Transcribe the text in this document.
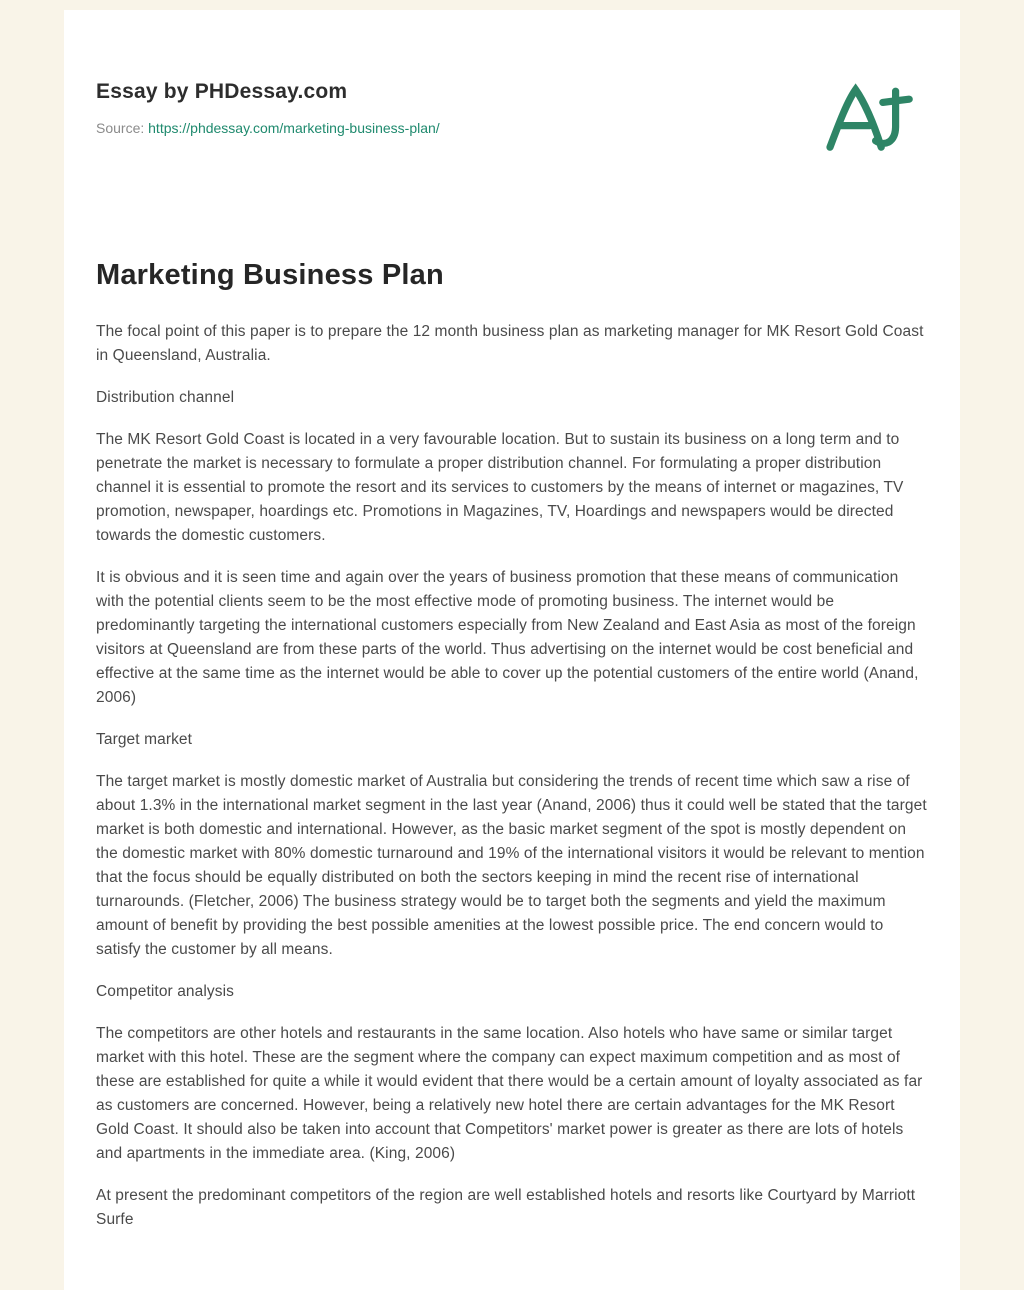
Essay by PHDessay.com
Source: https://phdessay.com/marketing-business-plan/
Marketing Business Plan

The focal point of this paper is to prepare the 12 month business plan as marketing manager for MK Resort Gold Coast in Queensland, Australia.

Distribution channel

The MK Resort Gold Coast is located in a very favourable location. But to sustain its business on a long term and to penetrate the market is necessary to formulate a proper distribution channel. For formulating a proper distribution channel it is essential to promote the resort and its services to customers by the means of internet or magazines, TV promotion, newspaper, hoardings etc. Promotions in Magazines, TV, Hoardings and newspapers would be directed towards the domestic customers.

It is obvious and it is seen time and again over the years of business promotion that these means of communication with the potential clients seem to be the most effective mode of promoting business. The internet would be predominantly targeting the international customers especially from New Zealand and East Asia as most of the foreign visitors at Queensland are from these parts of the world. Thus advertising on the internet would be cost beneficial and effective at the same time as the internet would be able to cover up the potential customers of the entire world (Anand, 2006)

Target market

The target market is mostly domestic market of Australia but considering the trends of recent time which saw a rise of about 1.3% in the international market segment in the last year (Anand, 2006) thus it could well be stated that the target market is both domestic and international. However, as the basic market segment of the spot is mostly dependent on the domestic market with 80% domestic turnaround and 19% of the international visitors it would be relevant to mention that the focus should be equally distributed on both the sectors keeping in mind the recent rise of international turnarounds. (Fletcher, 2006) The business strategy would be to target both the segments and yield the maximum amount of benefit by providing the best possible amenities at the lowest possible price. The end concern would to satisfy the customer by all means.

Competitor analysis

The competitors are other hotels and restaurants in the same location. Also hotels who have same or similar target market with this hotel. These are the segment where the company can expect maximum competition and as most of these are established for quite a while it would evident that there would be a certain amount of loyalty associated as far as customers are concerned. However, being a relatively new hotel there are certain advantages for the MK Resort Gold Coast. It should also be taken into account that Competitors' market power is greater as there are lots of hotels and apartments in the immediate area. (King, 2006)

At present the predominant competitors of the region are well established hotels and resorts like Courtyard by Marriott Surfe
